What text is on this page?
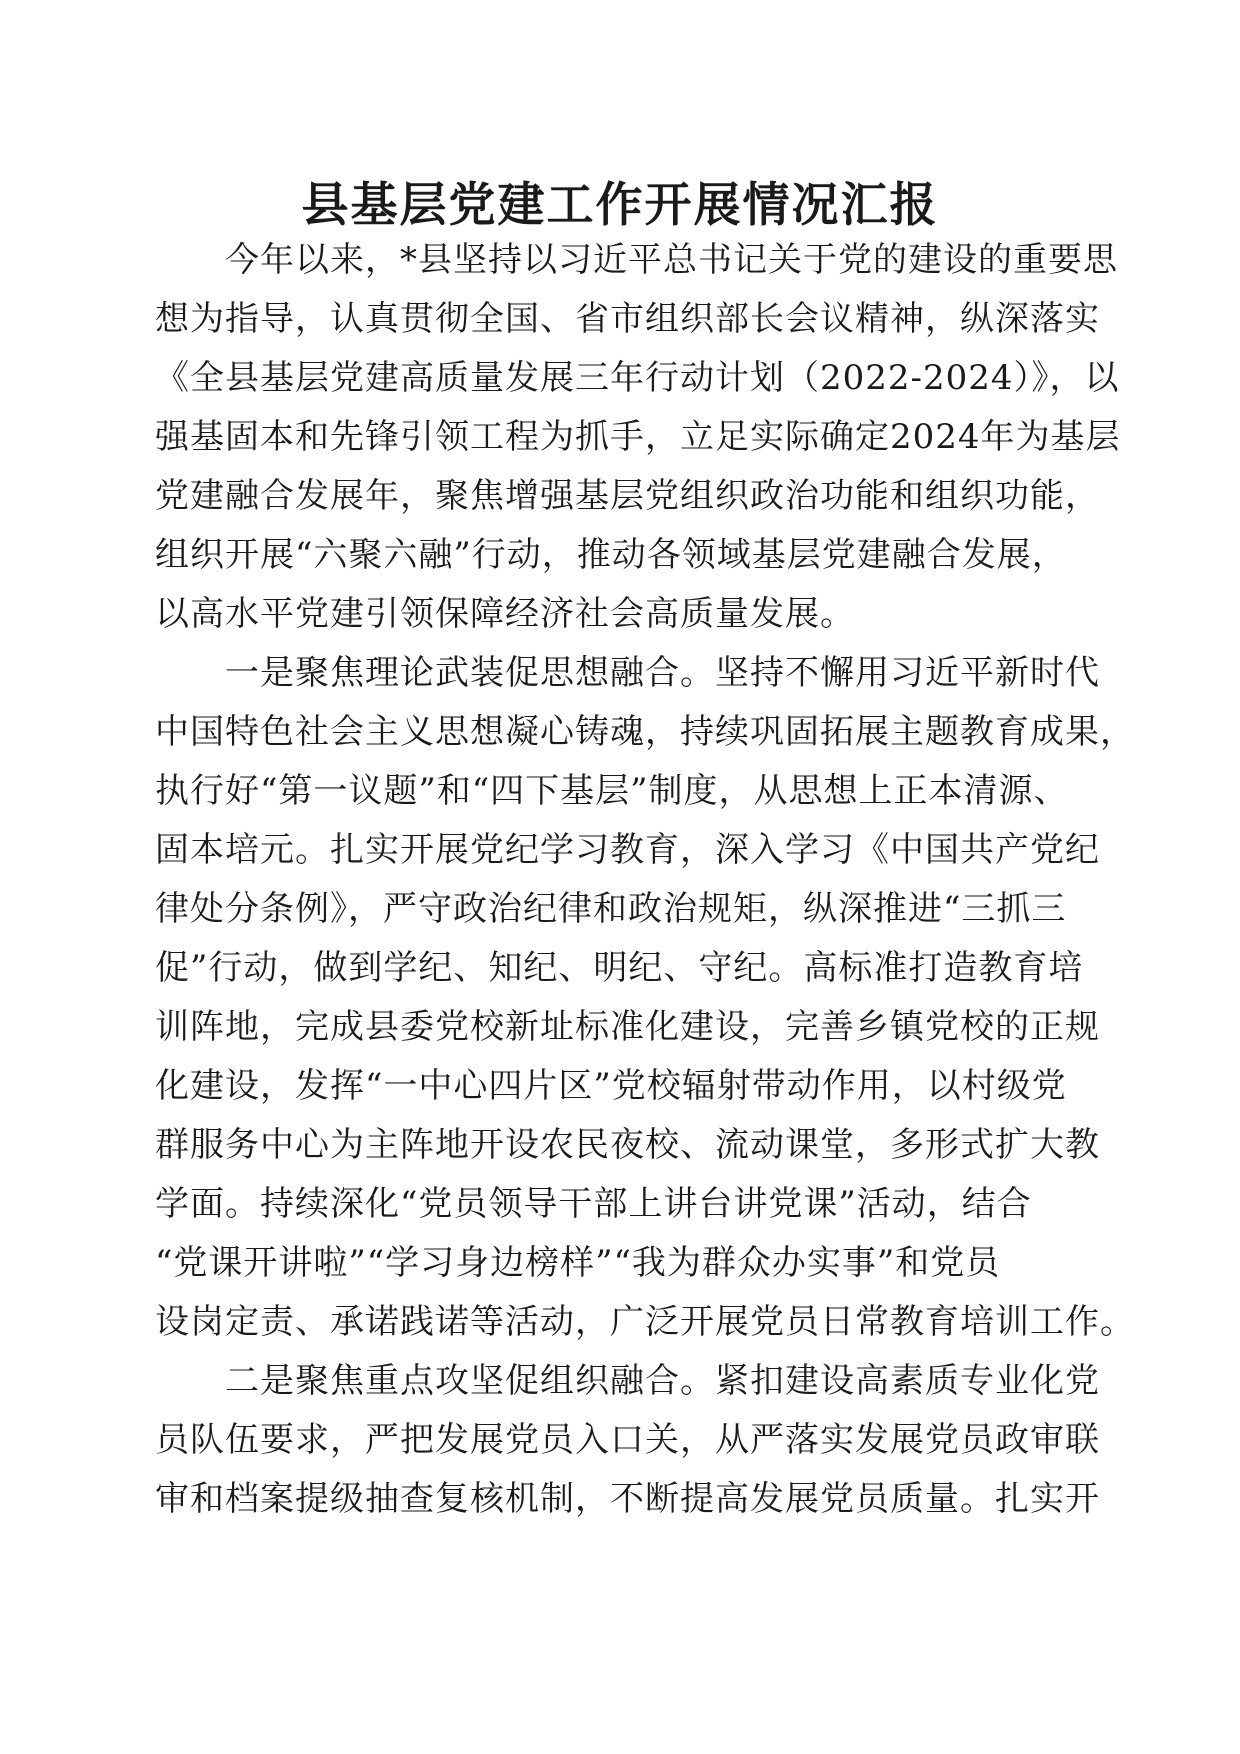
县基层党建工作开展情况汇报
今年以来，*县坚持以习近平总书记关于党的建设的重要思
想为指导，认真贯彻全国、省市组织部长会议精神，纵深落实
《全县基层党建高质量发展三年行动计划（2022-2024）》，以
强基固本和先锋引领工程为抓手，立足实际确定2024年为基层
党建融合发展年，聚焦增强基层党组织政治功能和组织功能，
组织开展“六聚六融”行动，推动各领域基层党建融合发展，
以高水平党建引领保障经济社会高质量发展。
一是聚焦理论武装促思想融合。坚持不懈用习近平新时代
中国特色社会主义思想凝心铸魂，持续巩固拓展主题教育成果，
执行好“第一议题”和“四下基层”制度，从思想上正本清源、
固本培元。扎实开展党纪学习教育，深入学习《中国共产党纪
律处分条例》，严守政治纪律和政治规矩，纵深推进“三抓三
促”行动，做到学纪、知纪、明纪、守纪。高标准打造教育培
训阵地，完成县委党校新址标准化建设，完善乡镇党校的正规
化建设，发挥“一中心四片区”党校辐射带动作用，以村级党
群服务中心为主阵地开设农民夜校、流动课堂，多形式扩大教
学面。持续深化“党员领导干部上讲台讲党课”活动，结合
“党课开讲啦”“学习身边榜样”“我为群众办实事”和党员
设岗定责、承诺践诺等活动，广泛开展党员日常教育培训工作。
二是聚焦重点攻坚促组织融合。紧扣建设高素质专业化党
员队伍要求，严把发展党员入口关，从严落实发展党员政审联
审和档案提级抽查复核机制，不断提高发展党员质量。扎实开
